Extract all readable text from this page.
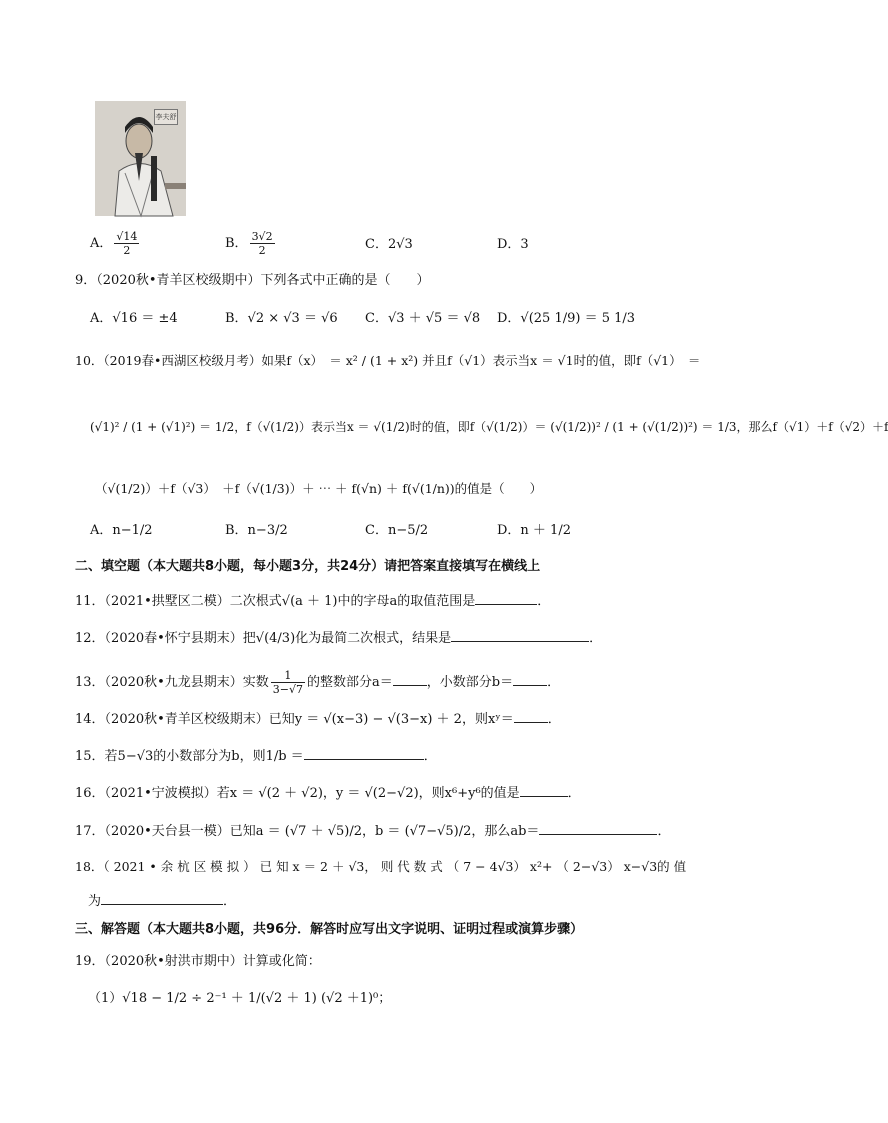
李夫舒
A． $\frac{√14}{2}$	B． $\frac{3√2}{2}$	C．2√3	D．3
9．（2020秋•青羊区校级期中）下列各式中正确的是（　　）
A．√16 ＝ ±4	B．√2 × √3 ＝ √6 C．√3 ＋ √5 ＝ √8 D．√(25 1/9) ＝ 5 1/3
10．（2019春•西湖区校级月考）如果f（x）　＝ x² / (1 + x²) 并且f（√1）表示当x ＝ √1时的值，即f（√1）　＝
(√1)² / (1 + (√1)²) ＝ 1/2，f（√(1/2)）表示当x ＝ √(1/2)时的值，即f（√(1/2)）＝ (√(1/2))² / (1 + (√(1/2))²) ＝ 1/3，那么f（√1）＋f（√2）＋f
（√(1/2)）＋f（√3）　＋f（√(1/3)）＋ ⋯ ＋ f(√n) ＋ f(√(1/n))的值是（　　）
A．n−1/2	B．n−3/2	C．n−5/2	D．n ＋ 1/2
二、填空题（本大题共8小题，每小题3分，共24分）请把答案直接填写在横线上
11．（2021•拱墅区二模）二次根式√(a ＋ 1)中的字母a的取值范围是	．
12．（2020春•怀宁县期末）把√(4/3)化为最简二次根式，结果是	．
13．（2020秋•九龙县期末）实数 $\frac{1}{3-√7}$ 的整数部分a＝	，小数部分b＝	．
14．（2020秋•青羊区校级期末）已知y ＝ √(x−3) − √(3−x) ＋ 2，则xʸ＝	．
15．若5−√3的小数部分为b，则1/b ＝	．
16．（2021•宁波模拟）若x ＝ √(2 ＋ √2)，y ＝ √(2−√2)，则x⁶+y⁶的值是	．
17．（2020•天台县一模）已知a ＝ (√7 ＋ √5)/2，b ＝ (√7−√5)/2，那么ab＝	．
18．（ 2021 • 余 杭 区 模 拟 ） 已 知 x ＝ 2 ＋ √3， 则 代 数 式 （ 7 − 4√3） x²+ （ 2−√3） x−√3的 值
为	．
三、解答题（本大题共8小题，共96分．解答时应写出文字说明、证明过程或演算步骤）
19．（2020秋•射洪市期中）计算或化简：
（1）√18 − 1/2 ÷ 2⁻¹ ＋ 1/(√2 ＋ 1) (√2 ＋1)⁰；
